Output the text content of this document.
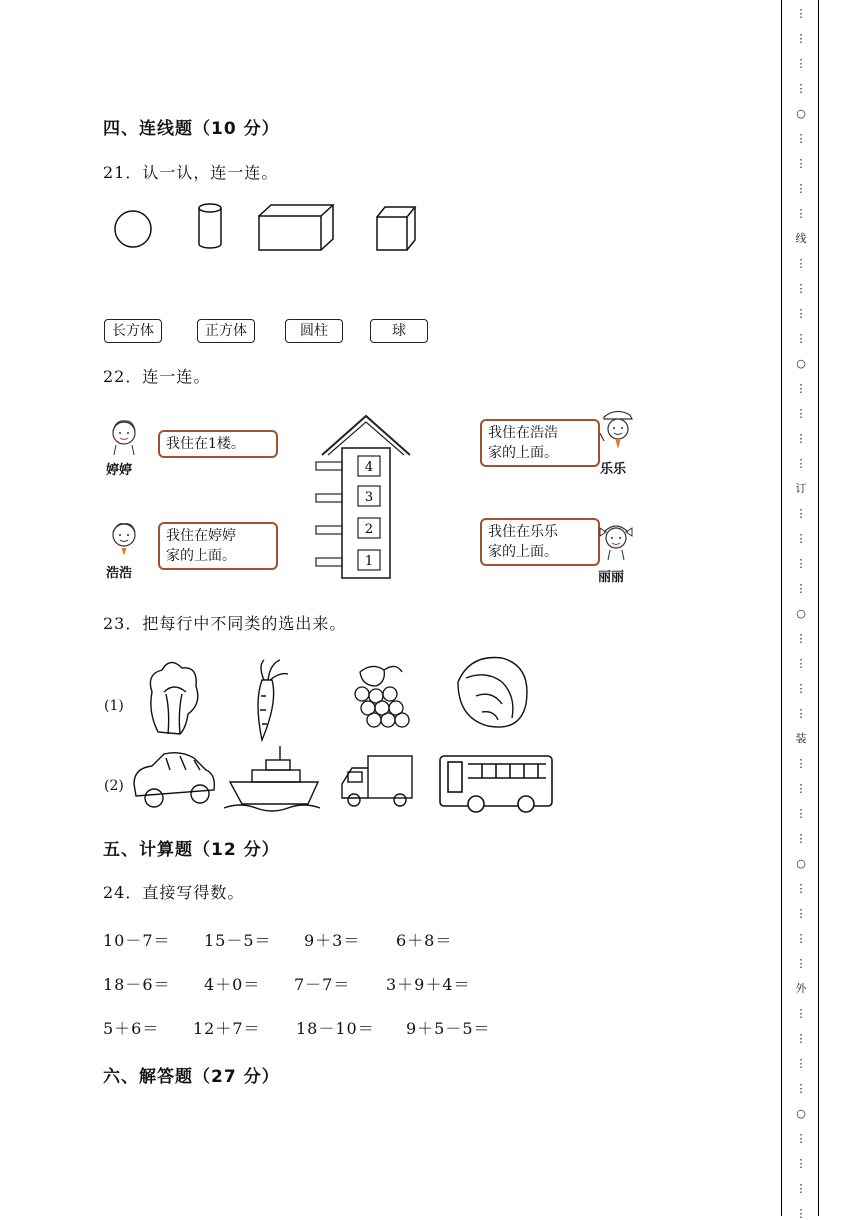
四、连线题（10 分）
21．认一认，连一连。
长方体	正方体	圆柱	球
22．连一连。
婷婷
我住在1楼。
浩浩
我住在婷婷
家的上面。
4
3
2
1
我住在浩浩
家的上面。
乐乐
我住在乐乐
家的上面。
丽丽
23．把每行中不同类的选出来。
(1)
(2)
五、计算题（12 分）
24．直接写得数。
10－7＝ 15－5＝ 9＋3＝ 6＋8＝
18－6＝ 4＋0＝ 7－7＝ 3＋9＋4＝
5＋6＝ 12＋7＝ 18－10＝ 9＋5－5＝
六、解答题（27 分）
⋮
⋮
⋮
⋮
○
⋮
⋮
⋮
⋮
线
⋮
⋮
⋮
⋮
○
⋮
⋮
⋮
⋮
订
⋮
⋮
⋮
⋮
○
⋮
⋮
⋮
⋮
装
⋮
⋮
⋮
⋮
○
⋮
⋮
⋮
⋮
外
⋮
⋮
⋮
⋮
○
⋮
⋮
⋮
⋮
